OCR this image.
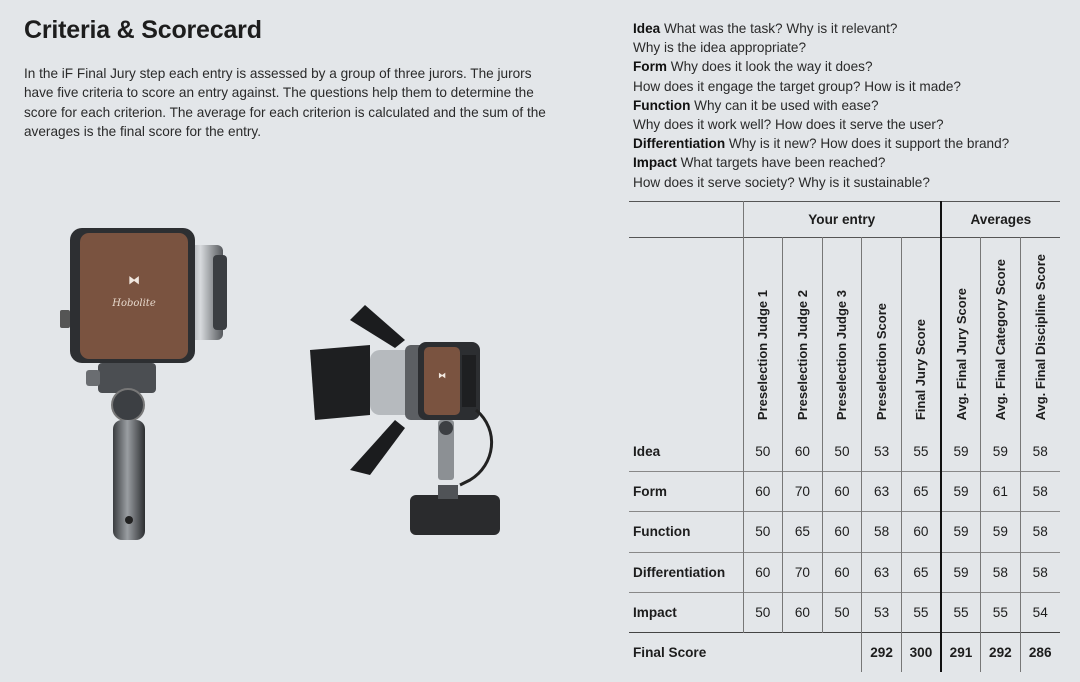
Criteria & Scorecard
In the iF Final Jury step each entry is assessed by a group of three jurors. The jurors have five criteria to score an entry against. The questions help them to determine the score for each criterion. The average for each criterion is calculated and the sum of the averages is the final score for the entry.
Idea What was the task? Why is it relevant?
Why is the idea appropriate?
Form Why does it look the way it does?
How does it engage the target group? How is it made?
Function Why can it be used with ease?
Why does it work well? How does it serve the user?
Differentiation Why is it new? How does it support the brand?
Impact What targets have been reached?
How does it serve society? Why is it sustainable?
⧓
Hobolite
⧓
	Your entry					Averages		
	Preselection Judge 1	Preselection Judge 2	Preselection Judge 3	Preselection Score	Final Jury Score	Avg. Final Jury Score	Avg. Final Category Score	Avg. Final Discipline Score
Idea	50	60	50	53	55	59	59	58
Form	60	70	60	63	65	59	61	58
Function	50	65	60	58	60	59	59	58
Differentiation	60	70	60	63	65	59	58	58
Impact	50	60	50	53	55	55	55	54
Final Score				292	300	291	292	286
